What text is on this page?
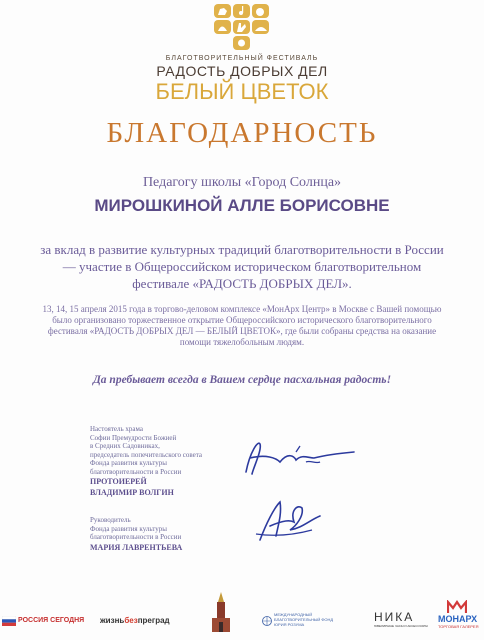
БЛАГОТВОРИТЕЛЬНЫЙ ФЕСТИВАЛЬ
РАДОСТЬ ДОБРЫХ ДЕЛ
БЕЛЫЙ ЦВЕТОК
БЛАГОДАРНОСТЬ
Педагогу школы «Город Солнца»
МИРОШКИНОЙ АЛЛЕ БОРИСОВНЕ
за вклад в развитие культурных традиций благотворительности в России — участие в Общероссийском историческом благотворительном фестивале «РАДОСТЬ ДОБРЫХ ДЕЛ».
13, 14, 15 апреля 2015 года в торгово-деловом комплексе «МонАрх Центр» в Москве с Вашей помощью было организовано торжественное открытие Общероссийского исторического благотворительного фестиваля «РАДОСТЬ ДОБРЫХ ДЕЛ — БЕЛЫЙ ЦВЕТОК», где были собраны средства на оказание помощи тяжелобольным людям.
Да пребывает всегда в Вашем сердце пасхальная радость!
Настоятель храма
Софии Премудрости Божией
в Средних Садовниках,
председатель попечительского совета
Фонда развития культуры
благотворительности в России
ПРОТОИЕРЕЙ
ВЛАДИМИР ВОЛГИН
Руководитель
Фонда развития культуры
благотворительности в России
МАРИЯ ЛАВРЕНТЬЕВА
РОССИЯ СЕГОДНЯ жизньбезпреград
МЕЖДУНАРОДНЫЙ БЛАГОТВОРИТЕЛЬНЫЙ ФОНД ЮРИЯ РОЗУМА
НИКА
ЮВЕЛИРНЫЕ ЧАСЫ И АКСЕССУАРЫ
МОНАРХ
ТОРГОВАЯ ГАЛЕРЕЯ
